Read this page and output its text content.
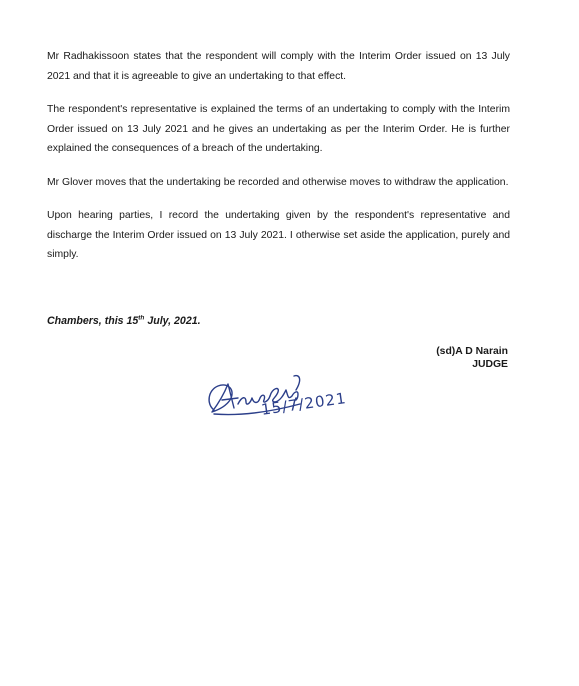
Mr Radhakissoon states that the respondent will comply with the Interim Order issued on 13 July 2021 and that it is agreeable to give an undertaking to that effect.

The respondent's representative is explained the terms of an undertaking to comply with the Interim Order issued on 13 July 2021 and he gives an undertaking as per the Interim Order. He is further explained the consequences of a breach of the undertaking.

Mr Glover moves that the undertaking be recorded and otherwise moves to withdraw the application.

Upon hearing parties, I record the undertaking given by the respondent's representative and discharge the Interim Order issued on 13 July 2021. I otherwise set aside the application, purely and simply.

Chambers, this 15th July, 2021.
(sd)A D Narain
JUDGE
15/7/2021
